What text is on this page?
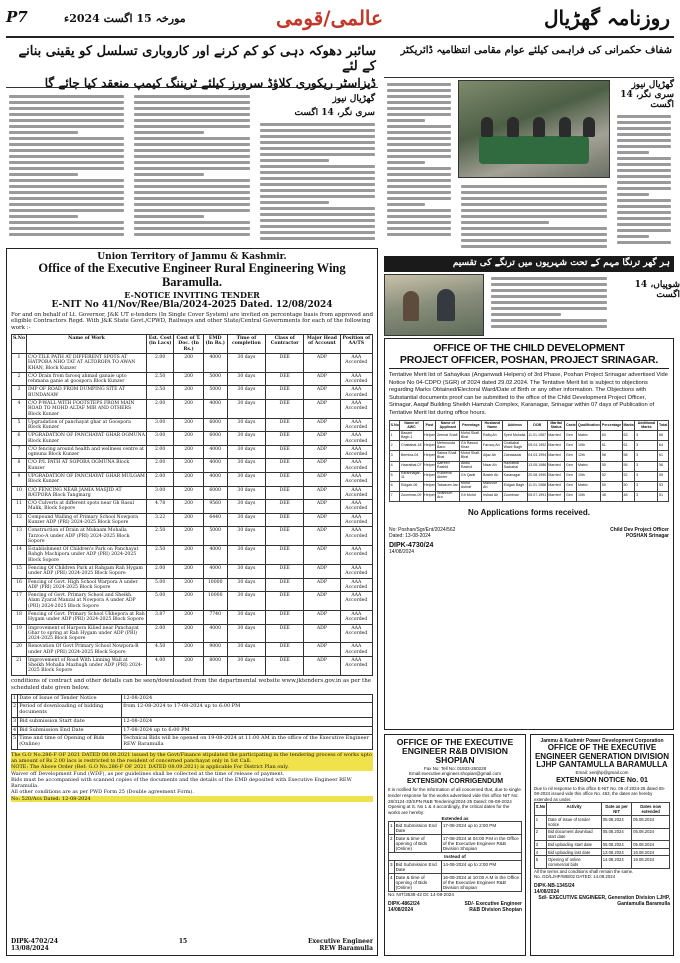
P7	مورخہ 15 اگست 2024ء	عالمی/قومی	روزنامہ گھڑیال
سائبر دھوکہ دہی کو کم کرنے اور کاروباری تسلسل کو یقینی بنانے کے لئے
ڈیزاسٹر ریکوری کلاؤڈ سرورز کیلئے ٹریننگ کیمپ منعقد کیا جائے گا
گھڑیال نیوز
سری نگر، 14 اگست
شفاف حکمرانی کی فراہمی کیلئے عوام مقامی انتظامیہ ڈائریکٹر
گھڑیال نیوز
سری نگر، 14 اگست
ہر گھر ترنگا مہم کے تحت شہریوں میں ترنگے کی تقسیم
شوپیاں، 14 اگست
Union Territory of Jammu & Kashmir.
Office of the Executive Engineer Rural Engineering Wing Baramulla.
E-NOTICE INVITING TENDER
E-NIT No 41/Nov/Ree/Bla/2024-2025 Dated. 12/08/2024
For and on behalf of Lt. Governor, J&K UT e-tenders (In Single Cover System) are invited on percentage basis from approved and eligible Contractors Regd. With J&K State Govt./CPWD, Railways and other State/Central Governments for each of the following work :-
S.No	Name of Work	Est. Cost (in Lacs)	Cost of T. Doc. (In Rs.)	EMD (In Rs.)	Time of completion	Class of Contractor	Major Head of Account	Position of AA/TS
1	C/O TILE PATH AT DIFFERENT SPOTS AT HATPORA NHO TAT AT ALTOROPA TO AWAN KHAN, Block Kunzer	2.00	200	4000	30 days	DEE	ADP	AAA Accorded
2	C/O Drain from farooq ahmad ganaie upto rehmana ganie at goospora Block Kunzer	2.50	200	5000	30 days	DEE	ADP	AAA Accorded
3	IMP OF ROAD FROM DUMPING SITE AT BUNDANAW	2.50	200	5000	30 days	DEE	ADP	AAA Accorded
4	C/O P-WALL WITH FOOTSTEPS FROM MAIN ROAD TO MOHD ALTAF MIR AND OTHERS Block Kunzer	2.00	200	4000	30 days	DEE	ADP	AAA Accorded
5	Upgradation of panchayat ghar at Goospora Block Kunzer	3.00	200	6000	30 days	DEE	ADP	AAA Accorded
6	UPGRADATION OF PANCHAYAT GHAR OGMUNA Block Kunzer	3.00	200	6000	30 days	DEE	ADP	AAA Accorded
7	C/O fencing around health and wellness centre at ogmuna Block Kunzer	2.00	200	4000	30 days	DEE	ADP	AAA Accorded
8	C/O P/L PATH AT SOPORA OGMUNA Block Kunzer	2.00	200	4000	30 days	DEE	ADP	AAA Accorded
9	UPGRADATION OF PANCHAYAT GHAR MULGAM Block Kunzer	2.00	200	4000	30 days	DEE	ADP	AAA Accorded
10	C/O FENCING NEAR JAMIA MASJID AT BATPORA Block Tangmarg	3.00	200	6000	30 days	DEE	ADP	AAA Accorded
11	C/O Culverts at different spots near Gh Rasul Malik, Block Sopore	4.78	200	9560	30 days	DEE	ADP	AAA Accorded
12	Compound Walling of Primary School Nowpora Kunzer ADP (PRI) 2024-2025 Block Sopore	3.22	200	6440	30 days	DEE	ADP	AAA Accorded
13	Construction of Drain at Mukaam Mohalla Tarzoo-A under ADP (PRI) 2024-2025 Block Sopore	2.50	200	5000	30 days	DEE	ADP	AAA Accorded
14	Establishment Of Children's Park on Panchayat Bahgh Machipora under ADP (PRI) 2024-2025 Block Sopore	2.50	200	4000	30 days	DEE	ADP	AAA Accorded
15	Fencing Of Children Park at Rahgam Rah Hygam under ADP (PRI) 2024-2025 Block Sopore	2.00	200	4000	30 days	DEE	ADP	AAA Accorded
16	Fencing of Govt. High School Warpora A under ADP (PRI) 2024-2025 Block Sopore	5.00	200	10000	30 days	DEE	ADP	AAA Accorded
17	Fencing of Govt. Primary School and Sheikh. Alam Zyarat Manzal at Nowpora A under ADP (PRI) 2024-2025 Block Sopore	5.00	200	10000	30 days	DEE	ADP	AAA Accorded
18	Fencing of Govt. Primary School Ukhepora at Rah Hygam under ADP (PRI) 2024-2025 Block Sopore	3.87	200	7740	30 days	DEE	ADP	AAA Accorded
19	Improvement of Harpora Kilied near Panchayat Ghar to spring at Rah Hygam under ADP (PRI) 2024-2025 Block Sopore	2.00	200	4000	30 days	DEE	ADP	AAA Accorded
20	Renovation Of Govt Primary School Nowpora-B under ADP (PRI) 2024-2025 Block Sopore	4.50	200	9000	30 days	DEE	ADP	AAA Accorded
21	Improvement of Road With Linning Wall at Sheikh Mohalla Mazhugh under ADP (PRI) 2024-2025 Block Sopore	4.00	200	8000	30 days	DEE	ADP	AAA Accorded
conditions of contract and other details can be seen/downloaded from the departmental website www.jktenders.gov.in as per the scheduled date given below.
1	Date of Issue of Tender Notice	12-08-2024
2	Period of downloading of bidding documents	from 12-08-2024 to 17-08-2024 up to 6:00 PM
3	Bid submission Start date	12-08-2024
4	Bid Submission End Date	17-08-2024 up to 6:00 PM
5	Time and time of Opening of Bids (Online)	Technical Bids will be opened on 19-08-2024 at 11:00 AM in the office of the Executive Engineer REW Baramulla
The G.O No.286-F OF 2021 DATED 08.09.2021 issued by the Govt/Finance stipulated the participating in the tendering process of works upto an amount of Rs 2.00 lacs is restricted to the resident of concerned panchayat only in 1st Call.
NOTE: The Above Order (Ref: G.O No.286-F OF 2021 DATED 08.09.2021) is applicable For District Plan only.
Waiver off Development Fund (WDF), as per guidelines shall be collected at the time of release of payment.
Bids must be accompanied with scanned copies of the documents and the details of the EMD deposited with Executive Engineer REW Baramulla.
All other conditions are as per PWD Form 25 (Double agreement Form).
No: 520/Acs Dated: 12-08-2024
DIPK-4702/24
13/08/2024
15	Executive Engineer
REW Baramulla
OFFICE OF THE CHILD DEVELOPMENT
PROJECT OFFICER, POSHAN, PROJECT SRINAGAR.
Tentative Merit list of Sahayikas (Anganwadi Helpers) of 3rd Phase, Poshan Project Srinagar advertised Vide Notice No 04-CDPO (SGR) of 2024 dated 29.02.2024. The Tentative Merit list is subject to objections regarding Marks Obtained/Electoral Ward/Date of Birth or any other information. The Objections with Substantial documents proof can be submitted to the office of the Child Development Project Officer, Srinagar, Aaqaf Building Sheikh Hamzah Complex, Karanagar, Srinagar within 07 days of Publication of Tentative Merit list during office hours.
S.No	Name of AWC	Post	Name of Applicant	Parentage	Husband Name	Address	DOB	Marital Status	Caste	Qualification	Percentage	Marks	Additional Marks	Total
1	Basant Bagh-1	Helper	Zeenat Shafi	Mohd Shafi Bhat	Rafiq Ah	Syed Mohalla	11.01.1987	Married	Gen	Matric	63	63	3	66
2	Chattabal-18	Helper	Mehmooda Bano	Gh Rasool Khan	Farooq Ah	Chattabal Wazir Bagh	05.04.1992	Married	Gen	10th	61	61	3	64
3	Bemina-04	Helper	Saima Shafi Bhat	Mohd Shafi Bhat	Aijaz Ah	Zainakadal	04.03.1994	Married	Gen	12th	58	58	3	61
4	Hazratbal-07	Helper	Aafreen Rashid	Abdul Rashid	Nisar Ah	Hazratbal Sadrabal	13.05.1986	Married	Gen	Matric	55	55	3	58
5	Karannagar-11	Helper	Rubeena Akhter	Gh Qadir	Bashir Ah	Karanagar	20.08.1990	Married	Gen	10th	52	52	3	55
6	Eidgah-06	Helper	Tabasum Jan	Mohd Ashraf	Manzoor Ah	Eidgah Bagh	11.01.1988	Married	Gen	Matric	50	50	3	53
7	Zoonimar-09	Helper	Shabnum Ara	Gh Mohd	Irshad Ah	Zoonimar	05.07.1991	Married	Gen	10th	48	48	3	51
No Applications forms received.
No: Poshan/Sgr/Ent/2024/562
Dated: 13-08-2024
DIPK-4730/24
14/08/2024
Child Dev Project Officer
POSHAN Srinagar
OFFICE OF THE EXECUTIVE ENGINEER R&B DIVISION SHOPIAN
Fax No: Tell No: 01933-260228 Email:executive.engineer.shopian@gmail.com
EXTENSION CORRIGENDUM
It is notified for the information of all concerned that, due to single tender response for the works advertised vide this office NIT No: 28/3124-33/SPN R&B Tendering/2024-25 Dated: 06-08-2024 Opening at S. No 1 & 4 accordingly, the critical dates for the works are hereby:
Extended as
1	Bid Submission End Date	17-08-2024 up to 2:00 PM
2	Date & time of opening of Bids (Online)	17-08-2024 at 04:00 P.M in the Office of the Executive Engineer R&B Division Shopian
Instead of		
3	Bid Submission End Date	14-08-2024 up to 2:00 PM
4	Date & time of opening of Bids (Online)	16-08-2024 at 10:00 A.M in the Office of the Executive Engineer R&B Division Shopian
No: NIT/3538-42 Dt: 14-08-2024
DIPK-4862/24
14/08/2024
SD/- Executive Engineer R&B Division Shopian
Jammu & Kashmir Power Development Corporation
OFFICE OF THE EXECUTIVE ENGINEER GENERATION DIVISION LJHP GANTAMULLA BARAMULLA
Email: xenljhp@gmail.com
EXTENSION NOTICE No. 01
Due to nil response to this office E-NIT No. 05 of 2024-25 dated 05-08-2024 issued vide this office No. 463, the dates are hereby extended as under.
S.No	Activity	Date as per NIT	Dates now extended
1	Date of issue of tender notice	05.08.2024	05.08.2024
2	Bid document download start date	05.08.2024	05.08.2024
3	Bid uploading start date	05.08.2024	05.08.2024
4	Bid uploading last date	13.08.2024	16.08.2024
5	Opening of online commercial bids	14.08.2024	19.08.2024
All the terms and conditions shall remain the same.
No. GD/LJHP/WB/02 DATED: 14.08.2024
DIPK-NB-1345/24
14/08/2024
Sd/- EXECUTIVE ENGINEER, Generation Division LJHP, Gantamulla Baramulla
